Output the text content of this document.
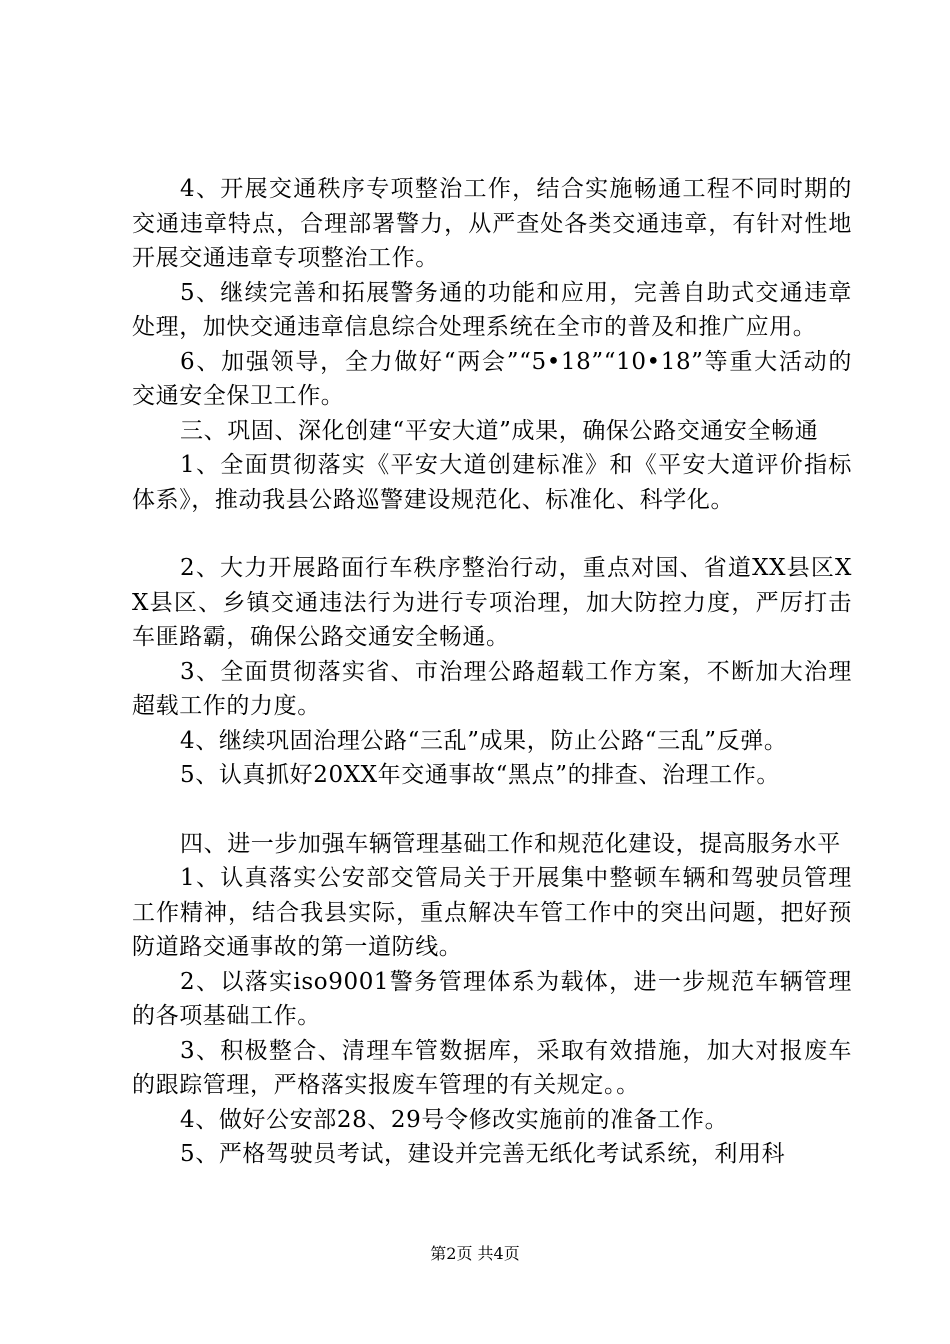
4、开展交通秩序专项整治工作，结合实施畅通工程不同时期的交通违章特点，合理部署警力，从严查处各类交通违章，有针对性地开展交通违章专项整治工作。

5、继续完善和拓展警务通的功能和应用，完善自助式交通违章处理，加快交通违章信息综合处理系统在全市的普及和推广应用。

6、加强领导，全力做好“两会”“5•18”“10•18”等重大活动的交通安全保卫工作。

三、巩固、深化创建“平安大道”成果，确保公路交通安全畅通

1、全面贯彻落实《平安大道创建标准》和《平安大道评价指标体系》，推动我县公路巡警建设规范化、标准化、科学化。

2、大力开展路面行车秩序整治行动，重点对国、省道XX县区XX县区、乡镇交通违法行为进行专项治理，加大防控力度，严厉打击车匪路霸，确保公路交通安全畅通。

3、全面贯彻落实省、市治理公路超载工作方案，不断加大治理超载工作的力度。

4、继续巩固治理公路“三乱”成果，防止公路“三乱”反弹。

5、认真抓好20XX年交通事故“黑点”的排查、治理工作。

四、进一步加强车辆管理基础工作和规范化建设，提高服务水平

1、认真落实公安部交管局关于开展集中整顿车辆和驾驶员管理工作精神，结合我县实际，重点解决车管工作中的突出问题，把好预防道路交通事故的第一道防线。

2、以落实iso9001警务管理体系为载体，进一步规范车辆管理的各项基础工作。

3、积极整合、清理车管数据库，采取有效措施，加大对报废车的跟踪管理，严格落实报废车管理的有关规定。。

4、做好公安部28、29号令修改实施前的准备工作。

5、严格驾驶员考试，建设并完善无纸化考试系统，利用科

第2页 共4页
